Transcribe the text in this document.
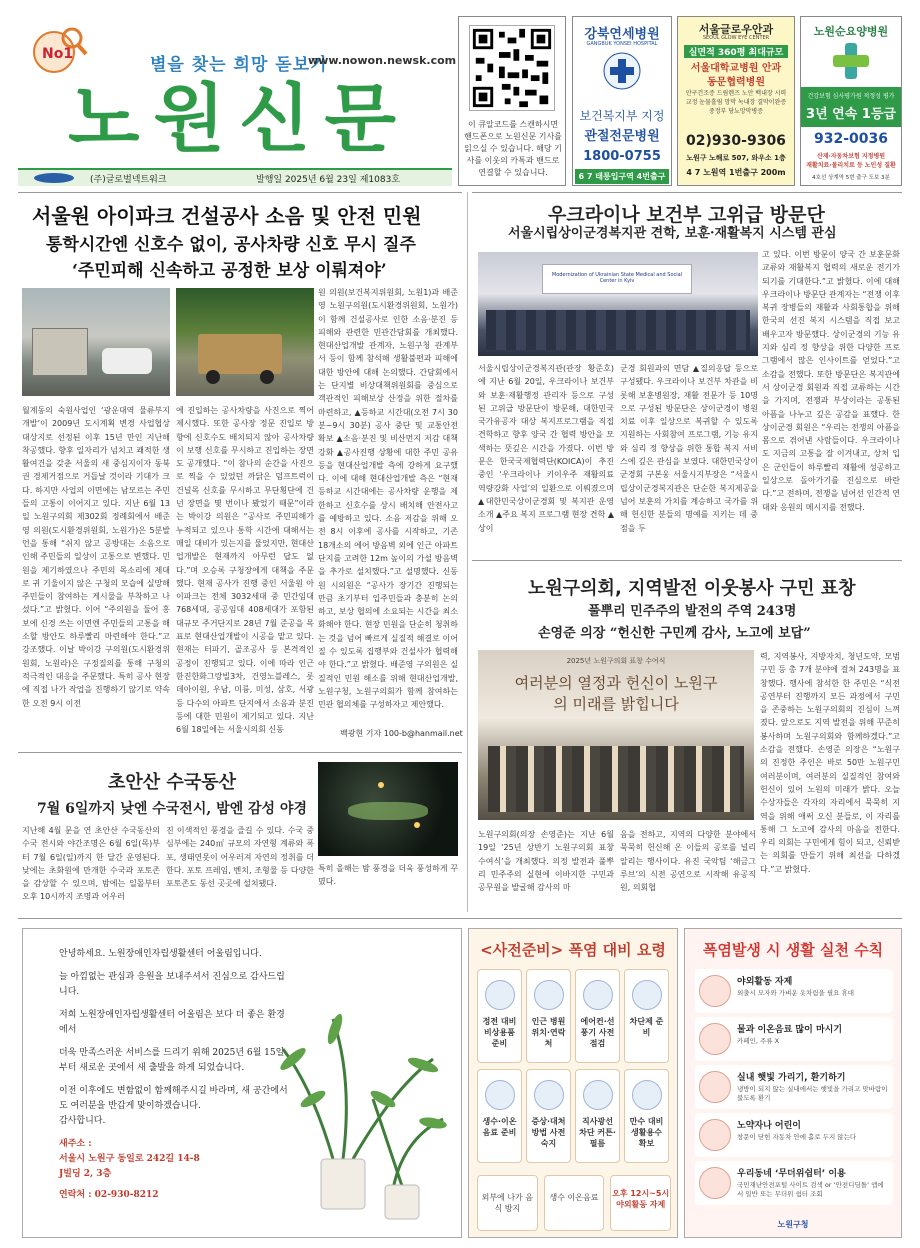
No1
별을 찾는 희망 돋보기
www.nowon.newsk.com
노원신문
(주)글로벌넥트워크	발행일 2025년 6월 23일 제1083호
이 큐알코드를 스캔하시면 핸드폰으로 노원신문 기사를 읽으실 수 있습니다. 해당 기사를 이웃의 카톡과 밴드로 연결할 수 있습니다.
강북연세병원
GANGBUK YONSEI HOSPITAL
보건복지부 지정
관절전문병원
1800-0755
6 7 태릉입구역 4번출구
서울글로우안과
SEOUL GLOW EYE CENTER
실면적 360평 최대규모
서울대학교병원 안과
동문협력병원
안구건조증 드림렌즈 노안 백내장 시력교정 눈물흘림 망막 녹내장 결막이완증 중정부 당뇨망막병증
02)930-9306
노원구 노해로 507, 와우소 1층
4 7 노원역 1번출구 200m
노원순요양병원
건강보험 심사평가원 적정성 평가
3년 연속 1등급
932-0036
산재·자동차보험 지정병원
재활치료·물리치료 등 노인성 질환
4호선 상계역 5번 출구 도보 3분
서울원 아이파크 건설공사 소음 및 안전 민원
통학시간엔 신호수 없이, 공사차량 신호 무시 질주
‘주민피해 신속하고 공정한 보상 이뤄져야’
월계동의 숙원사업인 ‘광운대역 물류부지 개발’이 2009년 도시계획 변경 사업협상 대상지로 선정된 이후 15년 만인 지난해 착공했다. 향후 일자리가 넘치고 쾌적한 생활여건을 갖춘 서울의 새 중심지이자 동북권 경제거점으로 거듭날 것이라 기대가 크다. 하지만 사업의 이면에는 남모르는 주민들의 고통이 이어지고 있다. 지난 6월 13일 노원구의회 제302회 정례회에서 배준영 의원(도시환경위원회, 노원가)은 5분발언을 통해 “쉬지 않고 공방대는 소음으로 인해 주민들의 일상이 고통으로 변했다. 민원을 제기하였으나 주민의 목소리에 제대로 귀 기울이지 않은 구청의 모습에 실망해 주민들이 참여하는 게시물을 부착하고 나섰다.”고 밝혔다. 이어 “주의원을 둘어 홍보에 신경 쓰는 이면엔 주민들의 고통을 해소할 방안도 하루빨리 마련해야 한다.”고 강조했다. 이날 박이강 구의원(도시환경위원회, 노원라)은 구정질의를 통해 구청의 적극적인 대응을 주문했다. 특히 공사 현장에 직접 나가 작업을 진행하기 않기로 약속한 오전 9시 이전
에 진입하는 공사차량을 사진으로 찍어 제시했다. 또한 공사장 정문 진입로 방향에 신호수도 배치되지 않아 공사차량이 보행 신호를 무시하고 진입하는 장면도 공개했다. “이 참나의 순간을 사진으로 찍을 수 있었던 까닭은 덤프트럭이 건널목 신호를 무시하고 무단횡단에 건넌 장면을 몇 번이나 봤었기 때문”이라는 박이강 의원은 “공사로 주민피해가 누적되고 있으나 통학 시간에 대해서는 매일 대비가 있는지를 물었지만, 현대산업개발은 현재까지 아무런 답도 없다.”며 오승록 구청장에게 대책을 주문했다. 현재 공사가 진행 중인 서울원 아이파크는 전체 3032세대 중 민간임대 768세대, 공공임대 408세대가 포함된 대규모 주거단지로 28년 7월 준공을 목표로 현대산업개발이 시공을 맡고 있다. 현재는 터파기, 골조공사 등 본격적인 공정이 진행되고 있다. 이에 따라 인근 한진한화그랑빌3차, 건영노블레스, 롯데아이원, 우남, 미륭, 미성, 삼호, 서광 등 다수의 아파트 단지에서 소음과 분진 등에 대한 민원이 제기되고 있다. 지난 6월 18일에는 서울시의회 신동
원 의원(보건복지위원회, 노원1)과 배준영 노원구의원(도시환경위원회, 노원가)이 함께 건설공사로 인한 소음·분진 등 피해와 관련한 민관간담회를 개최했다. 현대산업개발 관계자, 노원구청 관계부서 등이 함께 참석해 생활불편과 피해에 대한 방안에 대해 논의했다. 간담회에서는 단지별 비상대책위원회를 중심으로 객관적인 피해보상 산정을 위한 절차를 마련하고, ▲등하교 시간대(오전 7시 30분~9시 30분) 공사 중단 및 교통안전 확보 ▲소음·분진 및 비산먼지 저감 대책 강화 ▲공사진행 상황에 대한 주민 공유 등을 현대산업개발 측에 강하게 요구했다. 이에 대해 현대산업개발 측은 “현재 등하교 시간대에는 공사차량 운행을 제한하고 신호수를 상시 배치해 안전사고를 예방하고 있다. 소음 저감을 위해 오전 8시 이후에 공사를 시작하고, 기존 18개소의 에어 방음벽 외에 인근 아파트 단지를 고려한 12m 높이의 가설 방음벽을 추가로 설치했다.”고 설명했다. 신동원 시의원은 “공사가 장기간 진행되는 만큼 초기부터 입주민들과 충분히 논의하고, 보상 협의에 소요되는 시간을 최소화해야 한다. 현장 민원을 단순히 청취하는 것을 넘어 빠르게 실질적 해결로 이어질 수 있도록 집행부와 건설사가 협력해야 한다.”고 밝혔다. 배준영 구의원은 실질적인 민원 해소를 위해 현대산업개발, 노원구청, 노원구의회가 함께 참여하는 민관 협의체를 구성하자고 제안했다.
백광현 기자 100-b@hanmail.net
초안산 수국동산
7월 6일까지 낮엔 수국전시, 밤엔 감성 야경
지난해 4월 문을 연 초안산 수국동산의 수국 전시와 야간조명은 6월 6일(목)부터 7월 6일(일)까지 한 달간 운영된다. 낮에는 초화원에 만개한 수국과 포토존을 감상할 수 있으며, 밤에는 일몰부터 오후 10시까지 조명과 어우러
진 이색적인 풍경을 즐길 수 있다. 수국 중심부에는 240㎡ 규모의 자연형 계류와 폭포, 생태연못이 어우러져 자연의 정취를 더한다. 포토 프레임, 벤치, 조형물 등 다양한 포토존도 동선 곳곳에 설치됐다.
특히 올해는 밤 풍경을 더욱 풍성하게 꾸몄다.
우크라이나 보건부 고위급 방문단
서울시립상이군경복지관 견학, 보훈·재활복지 시스템 관심
Modernization of Ukrainian State Medical and Social Center in Kyiv
서울시립상이군경복지관(관장 황준호)에 지난 6월 20일, 우크라이나 보건부와 보훈·재활행정 관리자 등으로 구성된 고위급 방문단이 방문해, 대한민국 국가유공자 대상 복지프로그램을 직접 견학하고 향후 양국 간 협력 방안을 모색하는 뜻깊은 시간을 가졌다. 이번 방문은 한국국제협력단(KOICA)이 추진 중인 ‘우크라이나 키이우주 재활의료 역량강화 사업’의 일환으로 이뤄졌으며 ▲대한민국상이군경회 및 복지관 운영 소개 ▲주요 복지 프로그램 현장 견학 ▲상이
군경 회원과의 면담 ▲질의응답 등으로 구성됐다. 우크라이나 보건부 차관을 비롯해 보훈병원장, 재활 전문가 등 10명으로 구성된 방문단은 상이군경이 병원 치료 이후 일상으로 복귀할 수 있도록 지원하는 사회참여 프로그램, 기능 유지와 심리 정 향상을 위한 통합 복지 서비스에 깊은 관심을 보였다. 대한민국상이군경회 구본웅 서울시지부장은 “서울시립상이군경복지관은 단순한 복지제공을 넘어 보훈의 가치를 계승하고 국가를 위해 헌신한 분들의 명예를 지키는 데 중점을 두
고 있다. 이번 방문이 양국 간 보훈문화 교류와 재활복지 협력의 새로운 전기가 되기를 기대한다.”고 밝혔다. 이에 대해 우크라이나 방문단 관계자는 “전쟁 이후 복귀 장병들의 재활과 사회통합을 위해 한국의 선진 복지 시스템을 직접 보고 배우고자 방문했다. 상이군경의 기능 유지와 심리 정 향상을 위한 다양한 프로그램에서 많은 인사이트를 얻었다.”고 소감을 전했다. 또한 방문단은 복지관에서 상이군경 회원과 직접 교류하는 시간을 가지며, 전쟁과 부상이라는 공통된 아픔을 나누고 깊은 공감을 표했다. 한 상이군경 회원은 “우리는 전쟁의 아픔을 몸으로 겪어낸 사람들이다. 우크라이나도 지금의 고통을 잘 이겨내고, 상처 입은 군인들이 하루빨리 재활에 성공하고 일상으로 돌아가기를 진심으로 바란다.”고 전하며, 전쟁을 넘어선 인간적 연대와 응원의 메시지를 전했다.
노원구의회, 지역발전 이웃봉사 구민 표창
풀뿌리 민주주의 발전의 주역 243명
손영준 의장 “헌신한 구민께 감사, 노고에 보답”
2025년 노원구의회 표창 수여식
여러분의 열정과 헌신이 노원구의 미래를 밝힙니다
노원구의회(의장 손영준)는 지난 6월 19일 ‘25년 상반기 노원구의회 표창 수여식’을 개최했다. 의정 발전과 풀뿌리 민주주의 실현에 이바지한 구민과 공무원을 발굴해 감사의 마
음을 전하고, 지역의 다양한 분야에서 묵묵히 헌신해 온 이들의 공로를 널리 알리는 행사이다. 유진 국악팀 ‘해금그루브’의 식전 공연으로 시작해 유공직원, 의회협
력, 지역봉사, 지방자치, 청년도약, 모범구민 등 총 7개 분야에 걸쳐 243명을 표창했다. 행사에 참석한 한 주민은 “식전공연부터 진행까지 모든 과정에서 구민을 존중하는 노원구의회의 진심이 느껴졌다. 앞으로도 지역 발전을 위해 꾸준히 봉사하며 노원구의회와 함께하겠다.”고 소감을 전했다. 손영준 의장은 “노원구의 진정한 주인은 바로 50만 노원구민 여러분이며, 여러분의 실질적인 참여와 헌신이 있어 노원의 미래가 밝다. 오늘 수상자들은 각자의 자리에서 묵묵히 지역을 위해 애써 오신 분들로, 이 자리를 통해 그 노고에 감사의 마음을 전한다. 우리 의회는 구민에게 힘이 되고, 신뢰받는 의회를 만들기 위해 최선을 다하겠다.”고 밝혔다.
안녕하세요. 노원장애인자립생활센터 어울림입니다.
늘 아낌없는 관심과 응원을 보내주셔서 진심으로 감사드립니다.
저희 노원장애인자립생활센터 어울림은 보다 더 좋은 환경에서
더욱 만족스러운 서비스를 드리기 위해 2025년 6월 15일부터 새로운 곳에서 새 출발을 하게 되었습니다.
이전 이후에도 변함없이 함께해주시길 바라며, 새 공간에서도 여러분을 반갑게 맞이하겠습니다.
감사합니다.
새주소 :
서울시 노원구 동일로 242길 14-8
J빌딩 2, 3층
연락처 : 02-930-8212
<사전준비> 폭염 대비 요령
정전 대비 비상용품 준비
인근 병원 위치·연락처
에어컨·선풍기 사전 점검
차단제 준비
생수·이온음료 준비
증상·대처방법 사전 숙지
직사광선 차단 커튼·필름
만수 대비 생활용수 확보
외부에 나가 음식 방지
생수 이온음료	오후 12시~5시 야외활동 자제
폭염발생 시 생활 실천 수칙
야외활동 자제
외출시 모자와 가벼운 옷차림을 필요 휴대
물과 이온음료 많이 마시기
카페인, 주류 X
실내 햇빛 가리기, 환기하기
냉방이 되지 않는 실내에서는 햇빛을 가리고 맞바람이 불도록 환기
노약자나 어린이
창문이 닫힌 자동차 안에 홀로 두지 않는다
우리동네 ‘무더위쉼터’ 이용
국민재난안전포털 사이트 검색 or ‘안전디딤돌’ 앱에서 일반 또는 무더위 쉼터 조회
노원구청
